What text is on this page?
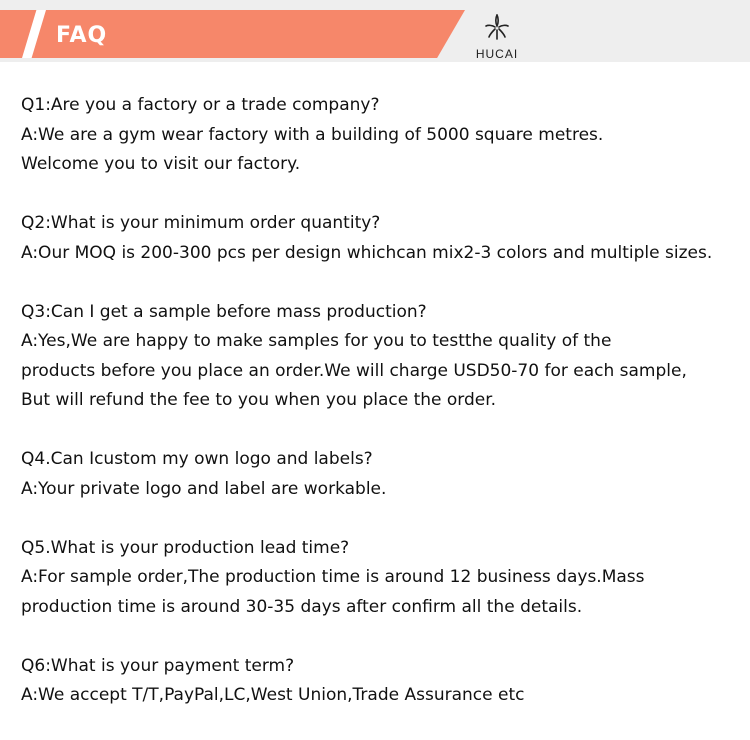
FAQ
HUCAI
Q1:Are you a factory or a trade company?
A:We are a gym wear factory with a building of 5000 square metres.
Welcome you to visit our factory.
Q2:What is your minimum order quantity?
A:Our MOQ is 200-300 pcs per design whichcan mix2-3 colors and multiple sizes.
Q3:Can I get a sample before mass production?
A:Yes,We are happy to make samples for you to testthe quality of the
products before you place an order.We will charge USD50-70 for each sample,
But will refund the fee to you when you place the order.
Q4.Can Icustom my own logo and labels?
A:Your private logo and label are workable.
Q5.What is your production lead time?
A:For sample order,The production time is around 12 business days.Mass
production time is around 30-35 days after confirm all the details.
Q6:What is your payment term?
A:We accept T/T,PayPal,LC,West Union,Trade Assurance etc
